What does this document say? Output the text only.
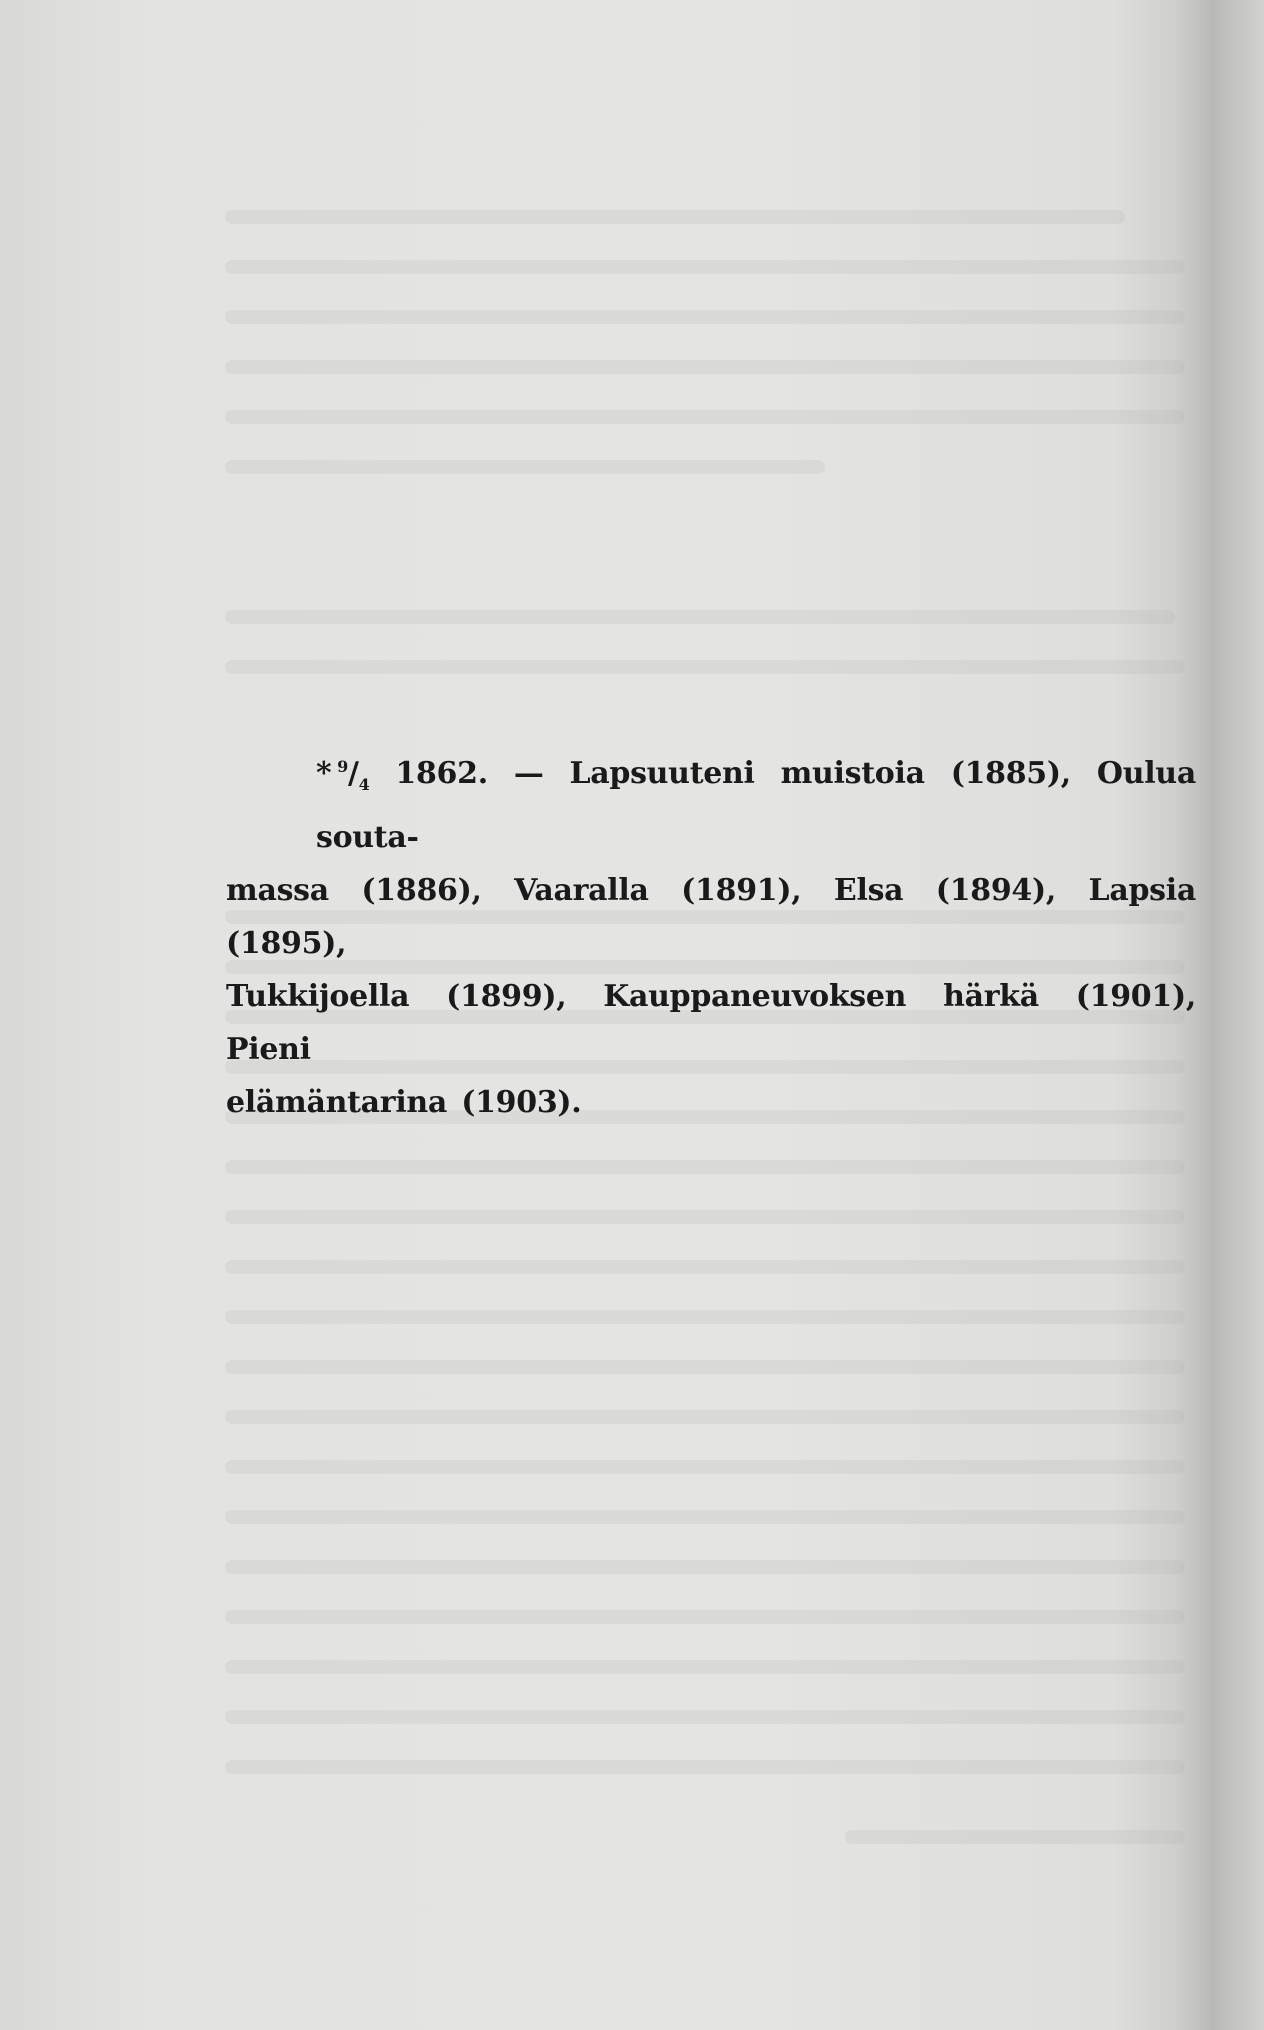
*  $^9/_4$ 1862. — Lapsuuteni muistoia (1885), Oulua souta-
massa (1886), Vaaralla (1891), Elsa (1894), Lapsia (1895),
Tukkijoella (1899), Kauppaneuvoksen härkä (1901), Pieni
elämäntarina (1903).
